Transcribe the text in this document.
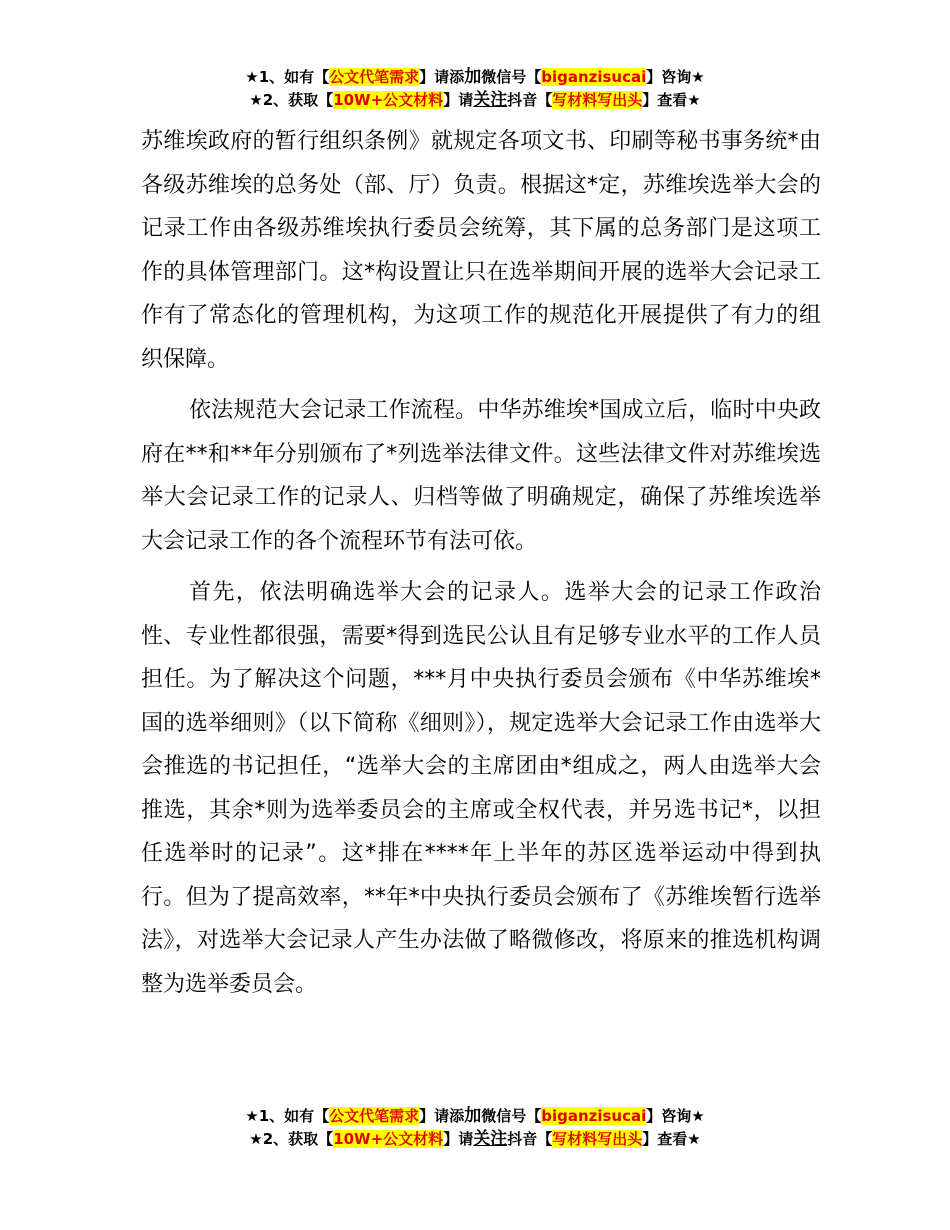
★1、如有【公文代笔需求】请添加微信号【biganzisucai】咨询★
★2、获取【10W+公文材料】请关注抖音【写材料写出头】查看★

苏维埃政府的暂行组织条例》就规定各项文书、印刷等秘书事务统*由各级苏维埃的总务处（部、厅）负责。根据这*定，苏维埃选举大会的记录工作由各级苏维埃执行委员会统筹，其下属的总务部门是这项工作的具体管理部门。这*构设置让只在选举期间开展的选举大会记录工作有了常态化的管理机构，为这项工作的规范化开展提供了有力的组织保障。

依法规范大会记录工作流程。中华苏维埃*国成立后，临时中央政府在**和**年分别颁布了*列选举法律文件。这些法律文件对苏维埃选举大会记录工作的记录人、归档等做了明确规定，确保了苏维埃选举大会记录工作的各个流程环节有法可依。

首先，依法明确选举大会的记录人。选举大会的记录工作政治性、专业性都很强，需要*得到选民公认且有足够专业水平的工作人员担任。为了解决这个问题，***月中央执行委员会颁布《中华苏维埃*国的选举细则》（以下简称《细则》），规定选举大会记录工作由选举大会推选的书记担任，“选举大会的主席团由*组成之，两人由选举大会推选，其余*则为选举委员会的主席或全权代表，并另选书记*，以担任选举时的记录”。这*排在****年上半年的苏区选举运动中得到执行。但为了提高效率，**年*中央执行委员会颁布了《苏维埃暂行选举法》，对选举大会记录人产生办法做了略微修改，将原来的推选机构调整为选举委员会。

★1、如有【公文代笔需求】请添加微信号【biganzisucai】咨询★
★2、获取【10W+公文材料】请关注抖音【写材料写出头】查看★
